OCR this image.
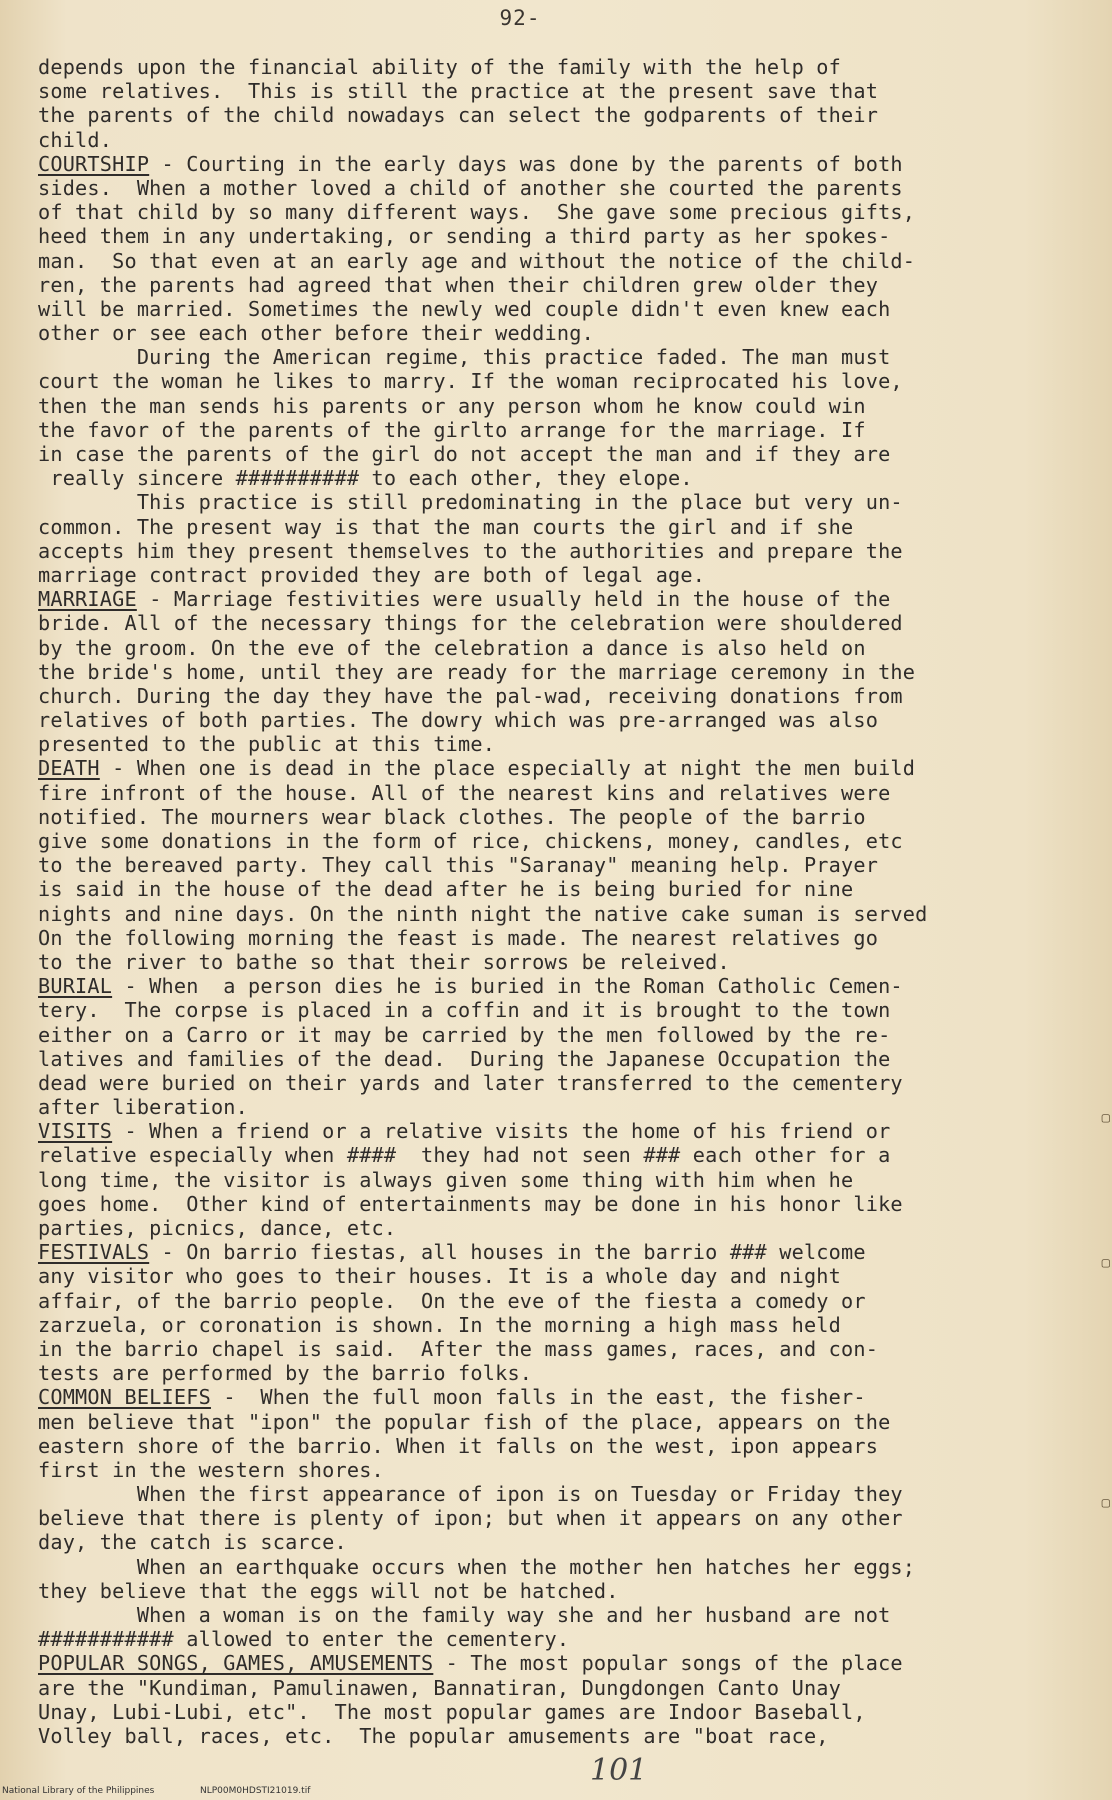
92-
depends upon the financial ability of the family with the help of
some relatives.  This is still the practice at the present save that
the parents of the child nowadays can select the godparents of their
child.
COURTSHIP - Courting in the early days was done by the parents of both
sides.  When a mother loved a child of another she courted the parents
of that child by so many different ways.  She gave some precious gifts,
heed them in any undertaking, or sending a third party as her spokes-
man.  So that even at an early age and without the notice of the child-
ren, the parents had agreed that when their children grew older they
will be married. Sometimes the newly wed couple didn't even knew each
other or see each other before their wedding.
During the American regime, this practice faded. The man must
court the woman he likes to marry. If the woman reciprocated his love,
then the man sends his parents or any person whom he know could win
the favor of the parents of the girlto arrange for the marriage. If
in case the parents of the girl do not accept the man and if they are
really sincere ########## to each other, they elope.
This practice is still predominating in the place but very un-
common. The present way is that the man courts the girl and if she
accepts him they present themselves to the authorities and prepare the
marriage contract provided they are both of legal age.
MARRIAGE - Marriage festivities were usually held in the house of the
bride. All of the necessary things for the celebration were shouldered
by the groom. On the eve of the celebration a dance is also held on
the bride's home, until they are ready for the marriage ceremony in the
church. During the day they have the pal-wad, receiving donations from
relatives of both parties. The dowry which was pre-arranged was also
presented to the public at this time.
DEATH - When one is dead in the place especially at night the men build
fire infront of the house. All of the nearest kins and relatives were
notified. The mourners wear black clothes. The people of the barrio
give some donations in the form of rice, chickens, money, candles, etc
to the bereaved party. They call this "Saranay" meaning help. Prayer
is said in the house of the dead after he is being buried for nine
nights and nine days. On the ninth night the native cake suman is served
On the following morning the feast is made. The nearest relatives go
to the river to bathe so that their sorrows be releived.
BURIAL - When  a person dies he is buried in the Roman Catholic Cemen-
tery.  The corpse is placed in a coffin and it is brought to the town
either on a Carro or it may be carried by the men followed by the re-
latives and families of the dead.  During the Japanese Occupation the
dead were buried on their yards and later transferred to the cementery
after liberation.
VISITS - When a friend or a relative visits the home of his friend or
relative especially when ####  they had not seen ### each other for a
long time, the visitor is always given some thing with him when he
goes home.  Other kind of entertainments may be done in his honor like
parties, picnics, dance, etc.
FESTIVALS - On barrio fiestas, all houses in the barrio ### welcome
any visitor who goes to their houses. It is a whole day and night
affair, of the barrio people.  On the eve of the fiesta a comedy or
zarzuela, or coronation is shown. In the morning a high mass held
in the barrio chapel is said.  After the mass games, races, and con-
tests are performed by the barrio folks.
COMMON BELIEFS -  When the full moon falls in the east, the fisher-
men believe that "ipon" the popular fish of the place, appears on the
eastern shore of the barrio. When it falls on the west, ipon appears
first in the western shores.
When the first appearance of ipon is on Tuesday or Friday they
believe that there is plenty of ipon; but when it appears on any other
day, the catch is scarce.
When an earthquake occurs when the mother hen hatches her eggs;
they believe that the eggs will not be hatched.
When a woman is on the family way she and her husband are not
########### allowed to enter the cementery.
POPULAR SONGS, GAMES, AMUSEMENTS - The most popular songs of the place
are the "Kundiman, Pamulinawen, Bannatiran, Dungdongen Canto Unay
Unay, Lubi-Lubi, etc".  The most popular games are Indoor Baseball,
Volley ball, races, etc.  The popular amusements are "boat race,
▢
▢
▢
National Library of the Philippines	NLP00M0HDSTI21019.tif
101
